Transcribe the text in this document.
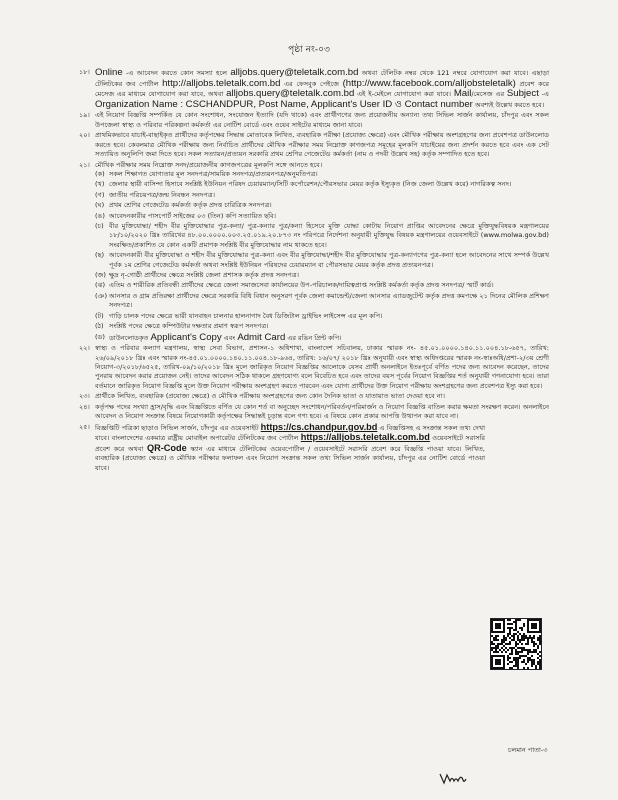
পৃষ্ঠা নং-০৩
১৮। Online -এ আবেদন করতে কোন সমস্যা হলে alljobs.query@teletalk.com.bd অথবা টেলিটক নম্বর থেকে 121 নম্বরে যোগাযোগ করা যাবে। এছাড়া টেলিটকের জব পোর্টাল http://alljobs.teletalk.com.bd এর ফেসবুক পেইজে (http://www.facebook.com/alljobsteletalk) প্রবেশ করে মেসেজ এর মাধ্যমে যোগাযোগ করা যাবে, অথবা alljobs.query@teletalk.com.bd এই ই-মেইলে যোগাযোগ করা যাবে। Mail/মেসেজ এর Subject -এ Organization Name : CSCHANDPUR, Post Name, Applicant's User ID ও Contact number অবশ্যই উল্লেখ করতে হবে।
১৯। এই নিয়োগ বিজ্ঞপ্তি সম্পর্কিত যে কোন সংশোধন, সংযোজন ইত্যাদি (যদি থাকে) এবং প্রার্থীগণের জন্য প্রয়োজনীয় অন্যান্য তথ্য সিভিল সার্জন কার্যালয়, চাঁদপুর এবং সকল উপজেলা স্বাস্থ্য ও পরিবার পরিকল্পনা কর্মকর্তা এর নোটিশ বোর্ডে এবং ওয়েব সাইটের মাধ্যমে জানা যাবে।
২০। প্রাথমিকভাবে যাচাই-বাছাইকৃত প্রার্থীদের কর্তৃপক্ষের সিদ্ধান্ত মোতাবেক লিখিত, ব্যবহারিক পরীক্ষা (প্রযোজ্য ক্ষেত্রে) এবং মৌখিক পরীক্ষায় অংশগ্রহণের জন্য প্রবেশপত্র ডাউনলোড করতে হবে। কেবলমাত্র মৌখিক পরীক্ষায় জন্য নির্বাচিত প্রার্থীদের মৌখিক পরীক্ষার সময় নিম্নোক্ত কাগজপত্র সমূহের মূলকপি যাচাইয়ের জন্য প্রদর্শন করতে হবে এবং এক সেট সত্যায়িত অনুলিপি জমা দিতে হবে। সকল সত্যায়ন/প্রত্যয়ন সরকারি প্রথম শ্রেণির গেজেটেড কর্মকর্তা (নাম ও পদবী উল্লেখ সহ) কর্তৃক সম্পাদিত হতে হবে।
২১। মৌখিক পরীক্ষার সময় নিম্নোক্ত সনদ/প্রয়োজনীয় কাগজপত্রের মূলকপি সঙ্গে আনতে হবে।
(ক) সকল শিক্ষাগত যোগ্যতার মূল সনদপত্র/সাময়িক সনদপত্র/প্রত্যয়নপত্র/অনুমতিপত্র।
(খ) জেলার স্থায়ী বাসিন্দা হিসাবে সংশ্লিষ্ট ইউনিয়ন পরিষদ চেয়ারম্যান/সিটি কর্পোরেশন/পৌরসভার মেয়র কর্তৃক ইস্যুকৃত (নিজ জেলা উল্লেখ করে) নাগরিকত্ব সনদ।
(গ) জাতীয় পরিচয়পত্র/জন্ম নিবন্ধন সনদপত্র।
(ঘ) প্রথম শ্রেণির গেজেটেড কর্মকর্তা কর্তৃক প্রদত্ত চারিত্রিক সনদপত্র।
(ঙ) আবেদনকারীর পাসপোর্ট সাইজের ০৩ (তিন) কপি সত্যায়িত ছবি।
(চ) বীর মুক্তিযোদ্ধা/ শহীদ বীর মুক্তিযোদ্ধার পুত্র-কন্যা/ পুত্র-কন্যার পুত্র/কন্যা হিসেবে মুক্তি যোদ্ধা কোটায় নিয়োগ প্রাপ্তির আবেদনের ক্ষেত্রে মুক্তিযুদ্ধবিষয়ক মন্ত্রণালয়ের ১৮/১০/২০২০ খ্রিঃ তারিখের ৪৮.০০.০০০০.০০৩.২৫.০১৯.২০.৮৭৩ নং পরিপত্রে নির্দেশনা অনুযায়ী মুক্তিযুদ্ধ বিষয়ক মন্ত্রণালয়ের ওয়েবসাইটে (www.molwa.gov.bd) সংরক্ষিত/প্রকাশিত যে কোন একটি প্রমাণক সংশ্লিষ্ট বীর মুক্তিযোদ্ধার নাম থাকতে হবে।
(ছ) আবেদনকারী বীর মুক্তিযোদ্ধা ও শহীদ বীর মুক্তিযোদ্ধার পুত্র-কন্যা এবং বীর মুক্তিযোদ্ধা/শহীদ বীর মুক্তিযোদ্ধার পুত্র-কন্যাগণের পুত্র-কন্যা হলে আবেদনের সাথে সম্পর্ক উল্লেখ পূর্বক ১ম শ্রেণির গেজেটেড কর্মকর্তা অথবা সংশ্লিষ্ট ইউনিয়ন পরিষদের চেয়ারম্যান বা পৌরসভার মেয়র কর্তৃক প্রদত্ত প্রত্যয়নপত্র।
(জ) ক্ষুদ্র নৃ-গোষ্ঠী প্রার্থীদের ক্ষেত্রে সংশ্লিষ্ট জেলা প্রশাসক কর্তৃক প্রদত্ত সনদপত্র।
(ঝ) এতিম ও শারীরিক প্রতিবন্ধী প্রার্থীদের ক্ষেত্রে জেলা সমাজসেবা কার্যালয়ের উপ-পরিচালক/দায়িত্বপ্রাপ্ত সংশ্লিষ্ট কর্মকর্তা কর্তৃক প্রদত্ত সনদপত্র/ স্মার্ট কার্ড।
(ঞ) আনসার ও গ্রাম প্রতিরক্ষা প্রার্থীদের ক্ষেত্রে সরকারি বিধি বিধান অনুসরণ পূর্বক জেলা কমান্ডেন্ট/জেলা আনসার এ্যাডজুটেন্ট কর্তৃক প্রদত্ত কমপক্ষে ২১ দিনের মৌলিক প্রশিক্ষণ সনদপত্র।
(ট) গাড়ি চালক পদের ক্ষেত্রে ভারী যানবাহন চালনার হালনাগাদ বৈধ ডিজিটাল ড্রাইভিং লাইসেন্স এর মূল কপি।
(ঠ) সংশ্লিষ্ট পদের ক্ষেত্রে কম্পিউটার দক্ষতার প্রমাণ স্বরূপ সনদপত্র।
(ড) ডাউনলোডকৃত Applicant's Copy এবং Admit Card এর রঙিন প্রিন্ট কপি।
২২। স্বাস্থ্য ও পরিবার কল্যাণ মন্ত্রণালয়, স্বাস্থ্য সেবা বিভাগ, প্রশাসন-১ অধিশাখা, বাংলাদেশ সচিবালয়, ঢাকার স্মারক নং- ৪৫.০১.০০০০.১৪০.১১.০০৪.১৮-৬৫৭, তারিখ: ২৬/০৯/২০১৮ খ্রিঃ এবং স্মারক নং-৪৫.০১.০০০০.১৪০.১১.০০৪.১৮-৯৬৪, তারিখ: ১৬/০৭/ ২০১৮ খ্রিঃ অনুযায়ী এবং স্বাস্থ্য অধিদপ্তরের স্মারক নং-স্বাঃঅধি/প্রশা-২/৩য় শ্রেণী নিয়োগ-৩/২০১৮/৬৫২৫, তারিখ-০৯/১০/২০১৮ খ্রিঃ মূলে জারিকৃত নিয়োগ বিজ্ঞপ্তির আলোকে যেসব প্রার্থী অনলাইনে ইতঃপূর্বে বর্ণিত পদের জন্য আবেদন করেছেন, তাদের পুনরায় আবেদন করার প্রয়োজন নেই। তাদের আবেদন সঠিক থাকলে গ্রহণযোগ্য বলে বিবেচিত হবে এবং তাদের বয়স পূর্বের নিয়োগ বিজ্ঞপ্তির শর্ত অনুযায়ী গণনাযোগ্য হবে। তারা বর্তমানে জারিকৃত নিয়োগ বিজ্ঞপ্তি মূলে উক্ত নিয়োগ পরীক্ষায় অংশগ্রহণ করতে পারবেন এবং যোগ্য প্রার্থীদের উক্ত নিয়োগ পরীক্ষায় অংশগ্রহণের জন্য প্রবেশপত্র ইস্যু করা হবে।
২৩। প্রার্থীকে লিখিত, ব্যবহারিক (প্রযোজ্য ক্ষেত্রে) ও মৌখিক পরীক্ষায় অংশগ্রহণের জন্য কোন দৈনিক ভাতা ও যাতায়াত ভাতা দেওয়া হবে না।
২৪। কর্তৃপক্ষ পদের সংখ্যা হ্রাস/বৃদ্ধি এবং বিজ্ঞপ্তিতে বর্ণিত যে কোন শর্ত বা অনুচ্ছেদ সংশোধন/পরিবর্তন/পরিমার্জন ও নিয়োগ বিজ্ঞপ্তি বাতিল করার ক্ষমতা সংরক্ষণ করেন। অনলাইনে আবেদন ও নিয়োগ সংক্রান্ত বিষয়ে নিয়োগকারী কর্তৃপক্ষের সিদ্ধান্তই চূড়ান্ত বলে গণ্য হবে। এ বিষয়ে কোন প্রকার আপত্তি উত্থাপন করা যাবে না।
২৫। বিজ্ঞপ্তিটি পত্রিকা ছাড়াও সিভিল সার্জন, চাঁদপুর এর ওয়েবসাইট https://cs.chandpur.gov.bd এ বিজ্ঞপ্তিসহ এ সংক্রান্ত সকল তথ্য দেখা যাবে। বাংলাদেশের একমাত্র রাষ্ট্রীয় মোবাইল অপারেটর টেলিটকের জব পোর্টাল https://alljobs.teletalk.com.bd ওয়েবসাইটে সরাসরি প্রবেশ করে অথবা QR-Code স্ক্যান এর মাধ্যমে টেলিটকের ওয়েবপোর্টাল / ওয়েবসাইটে সরাসরি প্রবেশ করে বিজ্ঞপ্তি পাওয়া যাবে। লিখিত, ব্যবহারিক (প্রযোজ্য ক্ষেত্রে) ও মৌখিক পরীক্ষার ফলাফল এবং নিয়োগ সংক্রান্ত সকল তথ্য সিভিল সার্জন কার্যালয়, চাঁদপুর এর নোটিশ বোর্ডে পাওয়া যাবে।
চলমান পাতা-৩
